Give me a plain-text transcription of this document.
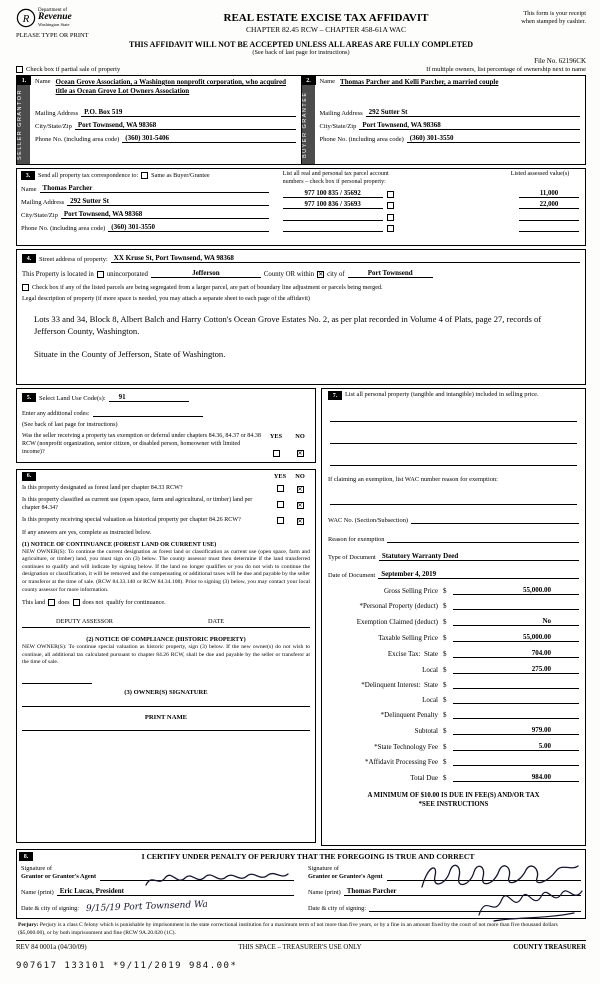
R
Department of
Revenue
Washington State
PLEASE TYPE OR PRINT
REAL ESTATE EXCISE TAX AFFIDAVIT
CHAPTER 82.45 RCW – CHAPTER 458-61A WAC
This form is your receipt
when stamped by cashier.
THIS AFFIDAVIT WILL NOT BE ACCEPTED UNLESS ALL AREAS ARE FULLY COMPLETED
(See back of last page for instructions)
File No. 62196CK
Check box if partial sale of property	If multiple owners, list percentage of ownership next to name
1.
SELLER GRANTOR
Name Ocean Grove Association, a Washington nonprofit corporation, who acquired title as Ocean Grove Lot Owners Association
Mailing Address P.O. Box 519
City/State/Zip Port Townsend, WA 98368
Phone No. (including area code) (360) 301-5406
2.
BUYER GRANTEE
Name Thomas Parcher and Kelli Parcher, a married couple
Mailing Address 292 Sutter St
City/State/Zip Port Townsend, WA 98368
Phone No. (including area code) (360) 301-3550
3.	Send all property tax correspondence to: Same as Buyer/Grantee
Name Thomas Parcher
Mailing Address 292 Sutter St
City/State/Zip Port Townsend, WA 98368
Phone No. (including area code) (360) 301-3550
List all real and personal tax parcel account
numbers – check box if personal property:
Listed assessed value(s)
977 100 835 / 35692	11,000
977 100 836 / 35693	22,000
4.	Street address of property: XX Kruse St, Port Townsend, WA 98368
This Property is located in unincorporated	Jefferson	County OR within ✕ city of	Port Townsend
Check box if any of the listed parcels are being segregated from a larger parcel, are part of boundary line adjustment or parcels being merged.
Legal description of property (if more space is needed, you may attach a separate sheet to each page of the affidavit)
Lots 33 and 34, Block 8, Albert Balch and Harry Cotton's Ocean Grove Estates No. 2, as per plat recorded in Volume 4 of Plats, page 27, records of Jefferson County, Washington.
Situate in the County of Jefferson, State of Washington.
5.	Select Land Use Code(s):	91
Enter any additional codes:
(See back of last page for instructions)
Was the seller receiving a property tax exemption or deferral under chapters 84.36, 84.37 or 84.38 RCW (nonprofit organization, senior citizen, or disabled person, homeowner with limited income)?
YES NO
✕
6.	YES	NO
Is this property designated as forest land per chapter 84.33 RCW?	✕
Is this property classified as current use (open space, farm and agricultural, or timber) land per chapter 84.34?	✕
Is this property receiving special valuation as historical property per chapter 84.26 RCW?	✕
If any answers are yes, complete as instructed below.
(1) NOTICE OF CONTINUANCE (FOREST LAND OR CURRENT USE)
NEW OWNER(S): To continue the current designation as forest land or classification as current use (open space, farm and agriculture, or timber) land, you must sign on (3) below. The county assessor must then determine if the land transferred continues to qualify and will indicate by signing below. If the land no longer qualifies or you do not wish to continue the designation or classification, it will be removed and the compensating or additional taxes will be due and payable by the seller or transferor at the time of sale. (RCW 84.33.140 or RCW 84.34.108). Prior to signing (3) below, you may contact your local county assessor for more information.
This land does does not qualify for continuance.
DEPUTY ASSESSOR	DATE
(2) NOTICE OF COMPLIANCE (HISTORIC PROPERTY)
NEW OWNER(S): To continue special valuation as historic property, sign (3) below. If the new owner(s) do not wish to continue, all additional tax calculated pursuant to chapter 84.26 RCW, shall be due and payable by the seller or transferor at the time of sale.
(3) OWNER(S) SIGNATURE
PRINT NAME
7.	List all personal property (tangible and intangible) included in selling price.
If claiming an exemption, list WAC number reason for exemption:
WAC No. (Section/Subsection)
Reason for exemption
Type of Document Statutory Warranty Deed
Date of Document September 4, 2019
Gross Selling Price $	55,000.00
*Personal Property (deduct) $
Exemption Claimed (deduct) $	No
Taxable Selling Price $	55,000.00
Excise Tax:  State $	704.00
Local $	275.00
*Delinquent Interest:  State $
Local $
*Delinquent Penalty $
Subtotal $	979.00
*State Technology Fee $	5.00
*Affidavit Processing Fee $
Total Due $	984.00
A MINIMUM OF $10.00 IS DUE IN FEE(S) AND/OR TAX
*SEE INSTRUCTIONS
8.	I CERTIFY UNDER PENALTY OF PERJURY THAT THE FOREGOING IS TRUE AND CORRECT
Signature of
Grantor or Grantor's Agent
Name (print) Eric Lucas, President
Date & city of signing: 9/15/19 Port Townsend Wa
Signature of
Grantee or Grantee's Agent
Name (print) Thomas Parcher
Date & city of signing:
Perjury: Perjury is a class C felony which is punishable by imprisonment in the state correctional institution for a maximum term of not more than five years, or by a fine in an amount fixed by the court of not more than five thousand dollars ($5,000.00), or by both imprisonment and fine (RCW 9A.20.020 (1C).
REV 84 0001a (04/30/09)	THIS SPACE – TREASURER'S USE ONLY	COUNTY TREASURER
907617 133101 *9/11/2019 984.00*
